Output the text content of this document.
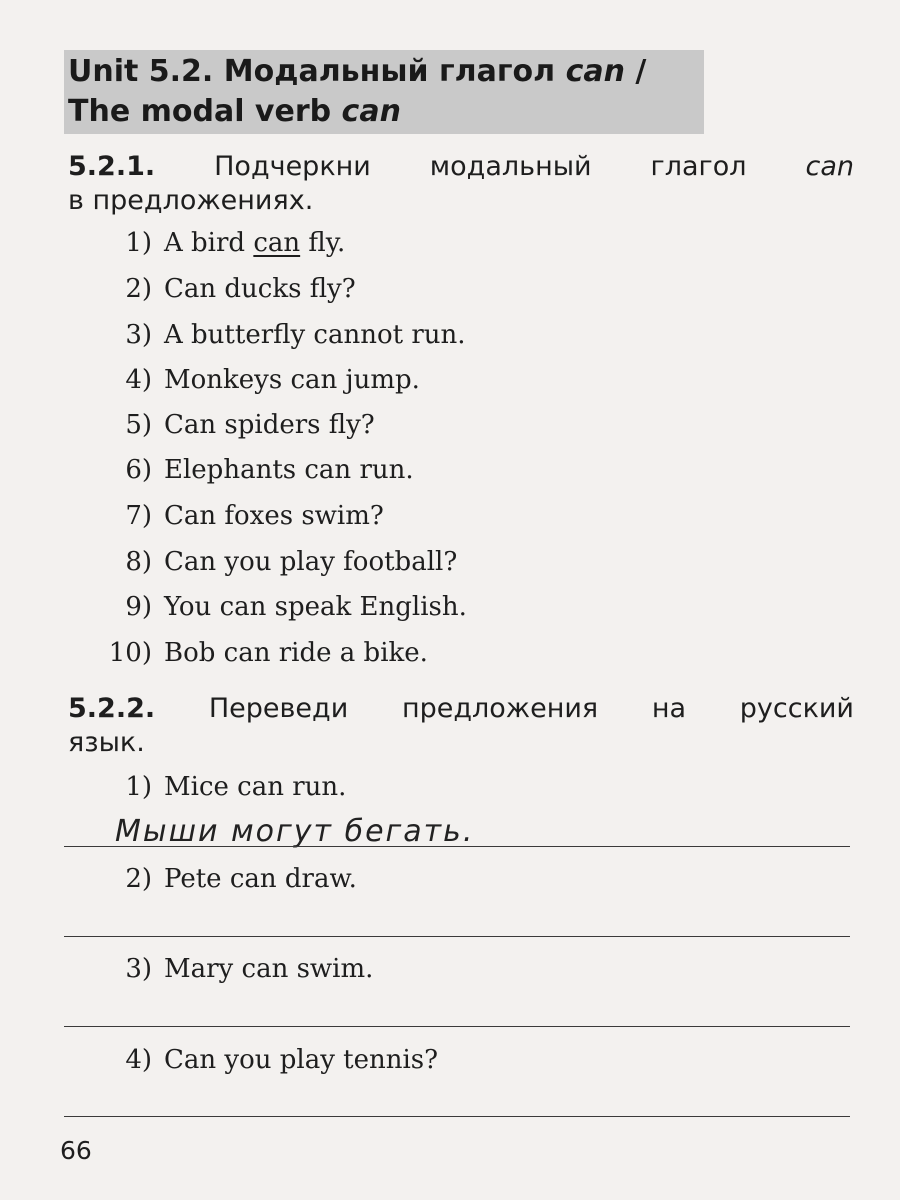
Unit 5.2. Модальный глагол can /
The modal verb can

5.2.1. Подчеркни модальный глагол can

в предложениях.

1) A bird can fly.

2) Can ducks fly?

3) A butterfly cannot run.

4) Monkeys can jump.

5) Can spiders fly?

6) Elephants can run.

7) Can foxes swim?

8) Can you play football?

9) You can speak English.

10) Bob can ride a bike.

5.2.2. Переведи предложения на русский

язык.

1) Mice can run.

Мыши могут бегать.

2) Pete can draw.

3) Mary can swim.

4) Can you play tennis?

66
